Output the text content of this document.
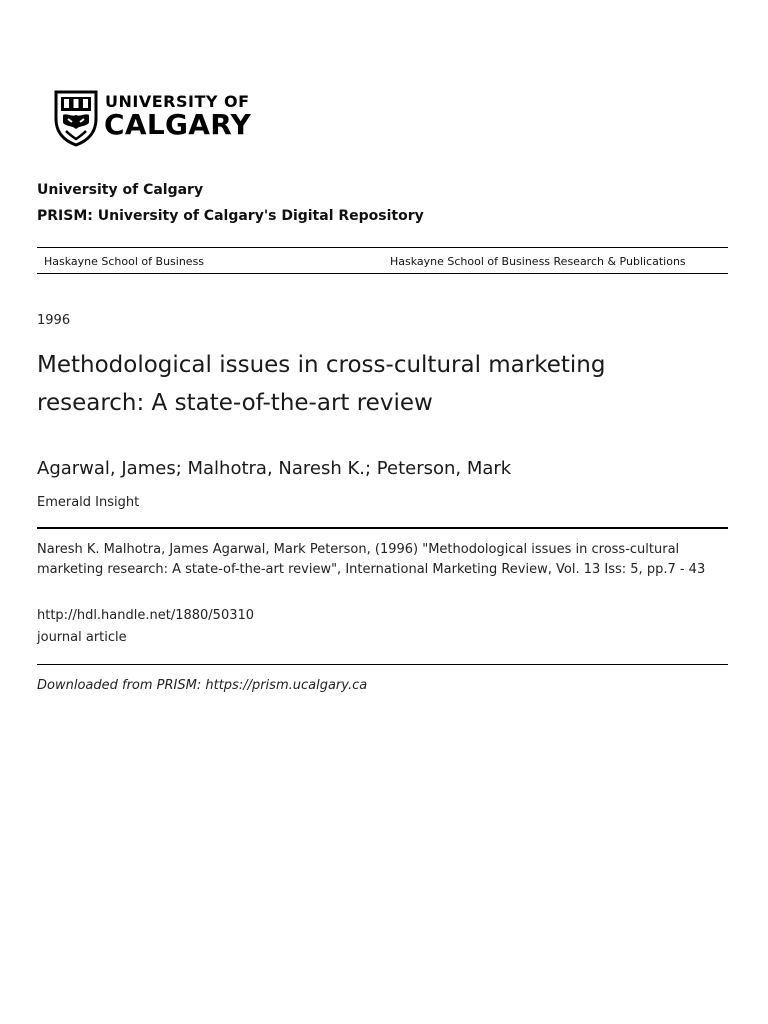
UNIVERSITY OF
CALGARY
University of Calgary
PRISM: University of Calgary's Digital Repository
Haskayne School of Business	Haskayne School of Business Research & Publications
1996
Methodological issues in cross-cultural marketing research: A state-of-the-art review
Agarwal, James; Malhotra, Naresh K.; Peterson, Mark
Emerald Insight
Naresh K. Malhotra, James Agarwal, Mark Peterson, (1996) "Methodological issues in cross-cultural marketing research: A state-of-the-art review", International Marketing Review, Vol. 13 Iss: 5, pp.7 - 43
http://hdl.handle.net/1880/50310
journal article
Downloaded from PRISM: https://prism.ucalgary.ca
